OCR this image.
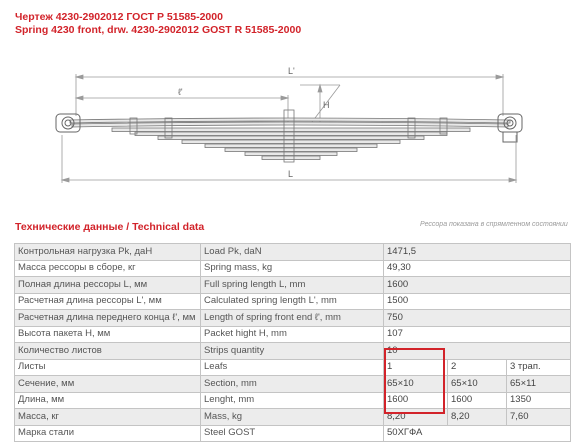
Чертеж 4230-2902012 ГОСТ Р 51585-2000
Spring 4230 front, drw. 4230-2902012 GOST R 51585-2000
L'
ℓ'
H
L
Технические данные / Technical data	Рессора показана в спрямленном состоянии
Контрольная нагрузка Pk, даН	Load Pk, daN	1471,5		
Масса рессоры в сборе, кг	Spring mass, kg	49,30		
Полная длина рессоры L, мм	Full spring length L, mm	1600		
Расчетная длина рессоры L', мм	Calculated spring length L', mm	1500		
Расчетная длина переднего конца ℓ', мм	Length of spring front end ℓ', mm	750		
Высота пакета H, мм	Packet hight H, mm	107		
Количество листов	Strips quantity	10		
Листы	Leafs	1	2	3 трап.
Сечение, мм	Section, mm	65×10	65×10	65×11
Длина, мм	Lenght, mm	1600	1600	1350
Масса, кг	Mass, kg	8,20	8,20	7,60
Марка стали	Steel GOST	50ХГФА		
